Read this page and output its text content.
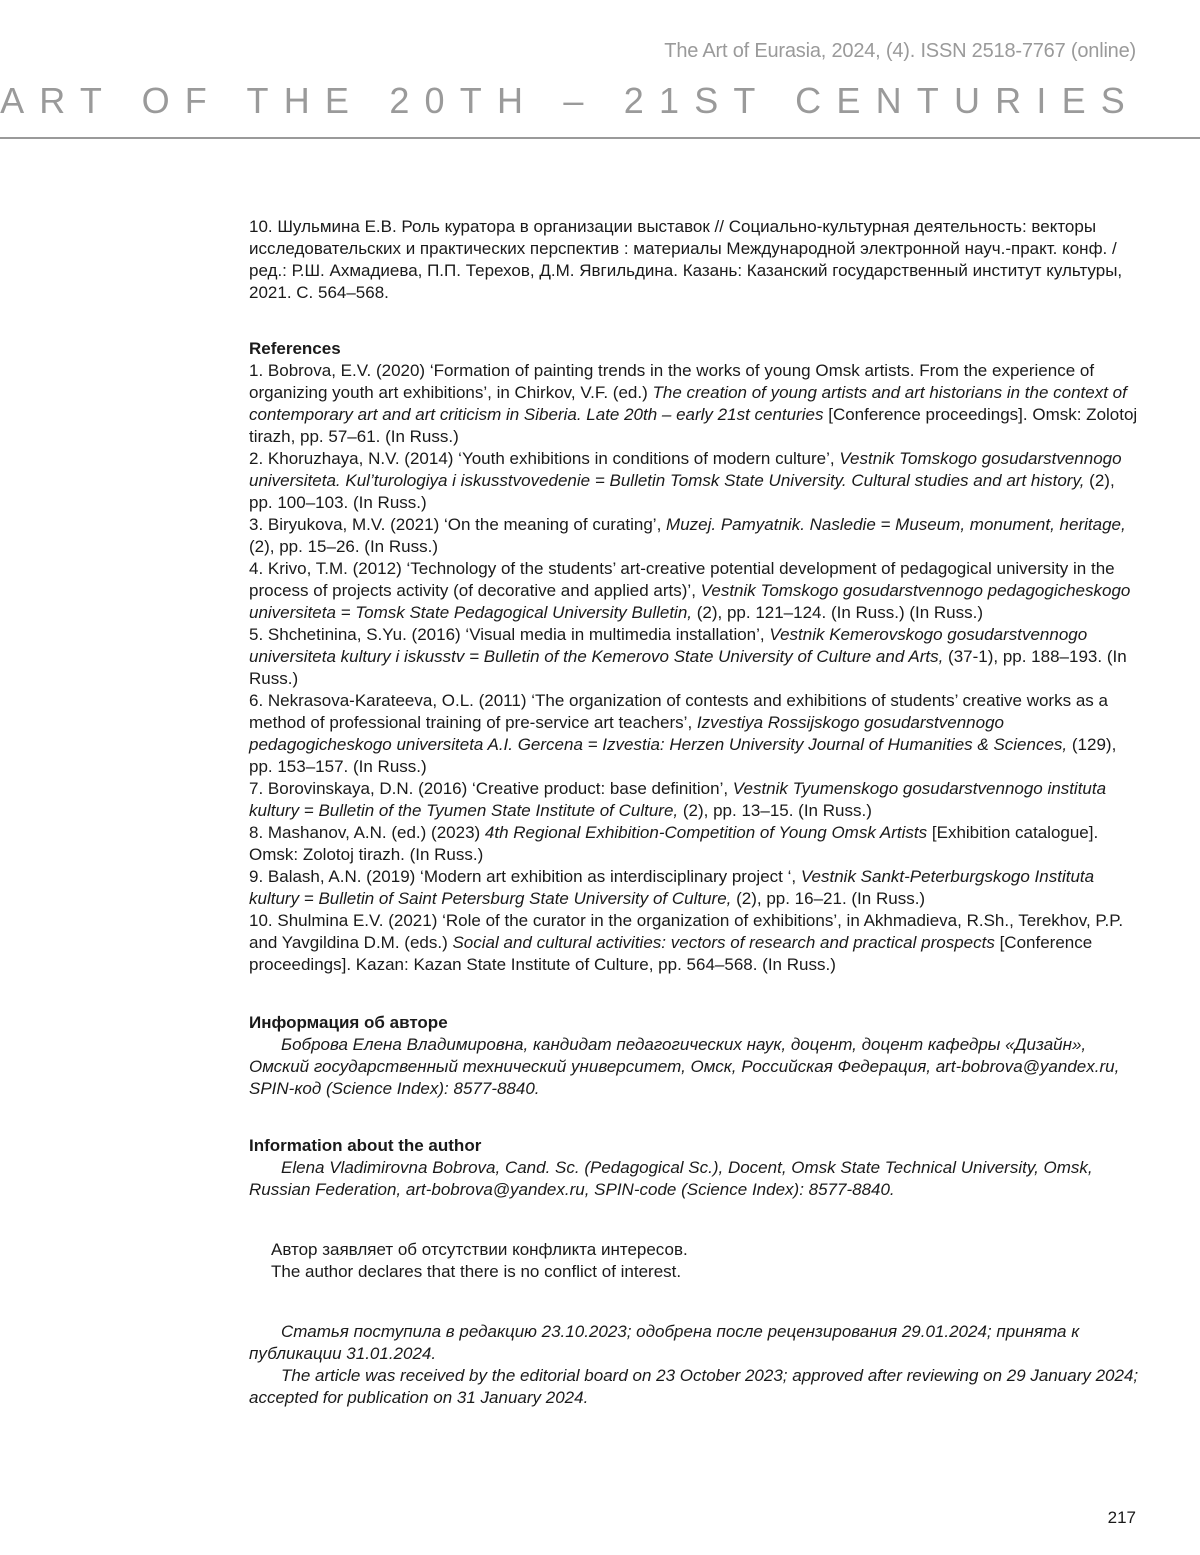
The Art of Eurasia, 2024, (4). ISSN 2518-7767 (online)
ART OF THE 20TH – 21ST CENTURIES

10. Шульмина Е.В. Роль куратора в организации выставок // Социально-культурная деятельность: векторы исследовательских и практических перспектив : материалы Международной электронной науч.-практ. конф. / ред.: Р.Ш. Ахмадиева, П.П. Терехов, Д.М. Явгильдина. Казань: Казанский государственный институт культуры, 2021. С. 564–568.

References

1. Bobrova, E.V. (2020) ‘Formation of painting trends in the works of young Omsk artists. From the experience of organizing youth art exhibitions’, in Chirkov, V.F. (ed.) The creation of young artists and art historians in the context of contemporary art and art criticism in Siberia. Late 20th – early 21st centuries [Conference proceedings]. Omsk: Zolotoj tirazh, pp. 57–61. (In Russ.)

2. Khoruzhaya, N.V. (2014) ‘Youth exhibitions in conditions of modern culture’, Vestnik Tomskogo gosudarstvennogo universiteta. Kul’turologiya i iskusstvovedenie = Bulletin Tomsk State University. Cultural studies and art history, (2), pp. 100–103. (In Russ.)

3. Biryukova, M.V. (2021) ‘On the meaning of curating’, Muzej. Pamyatnik. Nasledie = Museum, monument, heritage, (2), pp. 15–26. (In Russ.)

4. Krivo, T.M. (2012) ‘Technology of the students’ art-creative potential development of pedagogical university in the process of projects activity (of decorative and applied arts)’, Vestnik Tomskogo gosudarstvennogo pedagogicheskogo universiteta = Tomsk State Pedagogical University Bulletin, (2), pp. 121–124. (In Russ.) (In Russ.)

5. Shchetinina, S.Yu. (2016) ‘Visual media in multimedia installation’, Vestnik Kemerovskogo gosudarstvennogo universiteta kultury i iskusstv = Bulletin of the Kemerovo State University of Culture and Arts, (37-1), pp. 188–193. (In Russ.)

6. Nekrasova-Karateeva, O.L. (2011) ‘The organization of contests and exhibitions of students’ creative works as a method of professional training of pre-service art teachers’, Izvestiya Rossijskogo gosudarstvennogo pedagogicheskogo universiteta A.I. Gercena = Izvestia: Herzen University Journal of Humanities & Sciences, (129), pp. 153–157. (In Russ.)

7. Borovinskaya, D.N. (2016) ‘Creative product: base definition’, Vestnik Tyumenskogo gosudarstvennogo instituta kultury = Bulletin of the Tyumen State Institute of Culture, (2), pp. 13–15. (In Russ.)

8. Mashanov, A.N. (ed.) (2023) 4th Regional Exhibition-Competition of Young Omsk Artists [Exhibition catalogue]. Omsk: Zolotoj tirazh. (In Russ.)

9. Balash, A.N. (2019) ‘Modern art exhibition as interdisciplinary project ‘, Vestnik Sankt-Peterburgskogo Instituta kultury = Bulletin of Saint Petersburg State University of Culture, (2), pp. 16–21. (In Russ.)

10. Shulmina E.V. (2021) ‘Role of the curator in the organization of exhibitions’, in Akhmadieva, R.Sh., Terekhov, P.P. and Yavgildina D.M. (eds.) Social and cultural activities: vectors of research and practical prospects [Conference proceedings]. Kazan: Kazan State Institute of Culture, pp. 564–568. (In Russ.)

Информация об авторе

Боброва Елена Владимировна, кандидат педагогических наук, доцент, доцент кафедры «Дизайн», Омский государственный технический университет, Омск, Российская Федерация, art-bobrova@yandex.ru, SPIN-код (Science Index): 8577-8840.

Information about the author

Elena Vladimirovna Bobrova, Cand. Sc. (Pedagogical Sc.), Docent, Omsk State Technical University, Omsk, Russian Federation, art-bobrova@yandex.ru, SPIN-code (Science Index): 8577-8840.

Автор заявляет об отсутствии конфликта интересов.

The author declares that there is no conflict of interest.

Статья поступила в редакцию 23.10.2023; одобрена после рецензирования 29.01.2024; принята к публикации 31.01.2024.

The article was received by the editorial board on 23 October 2023; approved after reviewing on 29 January 2024; accepted for publication on 31 January 2024.

217
